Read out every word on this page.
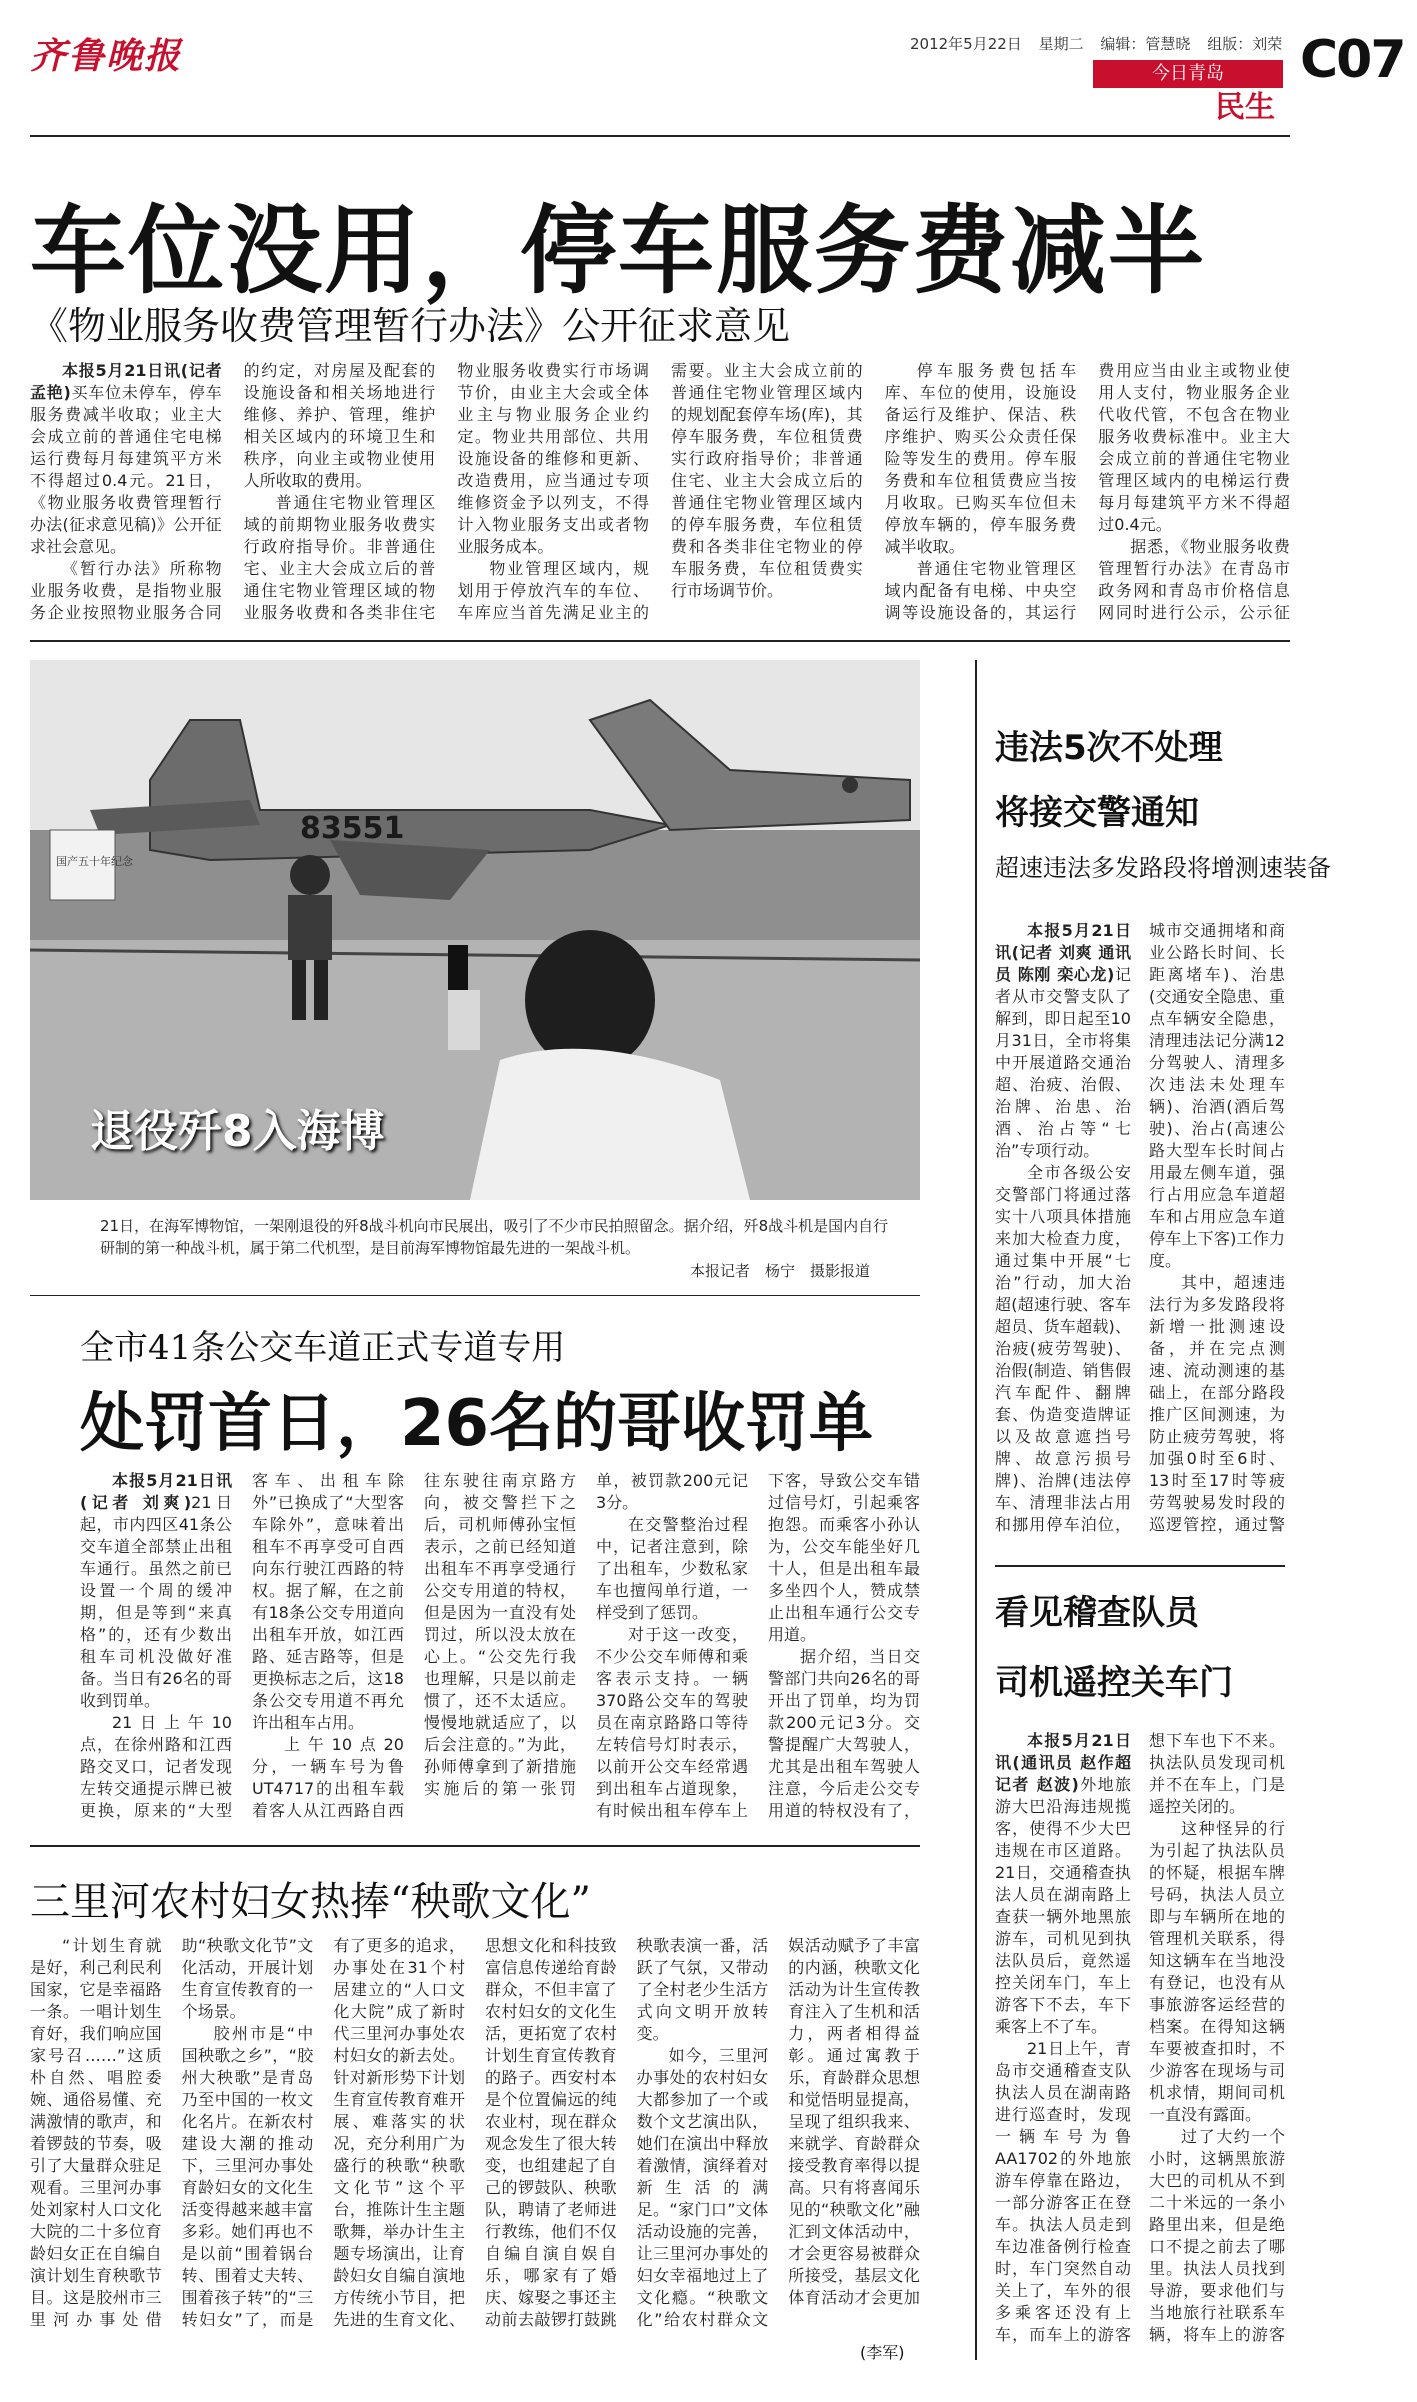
齐鲁晚报	2012年5月22日 星期二 编辑：管慧晓 组版：刘荣
今日青岛
民生
C07
车位没用，停车服务费减半
《物业服务收费管理暂行办法》公开征求意见

本报5月21日讯(记者 孟艳)买车位未停车，停车服务费减半收取；业主大会成立前的普通住宅电梯运行费每月每建筑平方米不得超过0.4元。21日，《物业服务收费管理暂行办法(征求意见稿)》公开征求社会意见。

《暂行办法》所称物业服务收费，是指物业服务企业按照物业服务合同的约定，对房屋及配套的设施设备和相关场地进行维修、养护、管理，维护相关区域内的环境卫生和秩序，向业主或物业使用人所收取的费用。

普通住宅物业管理区域的前期物业服务收费实行政府指导价。非普通住宅、业主大会成立后的普通住宅物业管理区域的物业服务收费和各类非住宅物业服务收费实行市场调节价，由业主大会或全体业主与物业服务企业约定。物业共用部位、共用设施设备的维修和更新、改造费用，应当通过专项维修资金予以列支，不得计入物业服务支出或者物业服务成本。

物业管理区域内，规划用于停放汽车的车位、车库应当首先满足业主的需要。业主大会成立前的普通住宅物业管理区域内的规划配套停车场(库)，其停车服务费，车位租赁费实行政府指导价；非普通住宅、业主大会成立后的普通住宅物业管理区域内的停车服务费，车位租赁费和各类非住宅物业的停车服务费，车位租赁费实行市场调节价。

停车服务费包括车库、车位的使用，设施设备运行及维护、保洁、秩序维护、购买公众责任保险等发生的费用。停车服务费和车位租赁费应当按月收取。已购买车位但未停放车辆的，停车服务费减半收取。

普通住宅物业管理区域内配备有电梯、中央空调等设施设备的，其运行费用应当由业主或物业使用人支付，物业服务企业代收代管，不包含在物业服务收费标准中。业主大会成立前的普通住宅物业管理区域内的电梯运行费每月每建筑平方米不得超过0.4元。

据悉，《物业服务收费管理暂行办法》在青岛市政务网和青岛市价格信息网同时进行公示，公示征

83551
国产五十年纪念
退役歼8入海博
21日，在海军博物馆，一架刚退役的歼8战斗机向市民展出，吸引了不少市民拍照留念。据介绍，歼8战斗机是国内自行研制的第一种战斗机，属于第二代机型，是目前海军博物馆最先进的一架战斗机。
本报记者　杨宁　摄影报道
全市41条公交车道正式专道专用
处罚首日，26名的哥收罚单

本报5月21日讯(记者 刘爽)21日起，市内四区41条公交车道全部禁止出租车通行。虽然之前已设置一个周的缓冲期，但是等到“来真格”的，还有少数出租车司机没做好准备。当日有26名的哥收到罚单。

21日上午10点，在徐州路和江西路交叉口，记者发现左转交通提示牌已被更换，原来的“大型客车、出租车除外”已换成了“大型客车除外”，意味着出租车不再享受可自西向东行驶江西路的特权。据了解，在之前有18条公交专用道向出租车开放，如江西路、延吉路等，但是更换标志之后，这18条公交专用道不再允许出租车占用。

上午10点20分，一辆车号为鲁UT4717的出租车载着客人从江西路自西往东驶往南京路方向，被交警拦下之后，司机师傅孙宝恒表示，之前已经知道出租车不再享受通行公交专用道的特权，但是因为一直没有处罚过，所以没太放在心上。“公交先行我也理解，只是以前走惯了，还不太适应。慢慢地就适应了，以后会注意的。”为此，孙师傅拿到了新措施实施后的第一张罚单，被罚款200元记3分。

在交警整治过程中，记者注意到，除了出租车，少数私家车也擅闯单行道，一样受到了惩罚。

对于这一改变，不少公交车师傅和乘客表示支持。一辆370路公交车的驾驶员在南京路路口等待左转信号灯时表示，以前开公交车经常遇到出租车占道现象，有时候出租车停车上下客，导致公交车错过信号灯，引起乘客抱怨。而乘客小孙认为，公交车能坐好几十人，但是出租车最多坐四个人，赞成禁止出租车通行公交专用道。

据介绍，当日交警部门共向26名的哥开出了罚单，均为罚款200元记3分。交警提醒广大驾驶人，尤其是出租车驾驶人注意，今后走公交专用道的特权没有了，

三里河农村妇女热捧“秧歌文化”

“计划生育就是好，利己利民利国家，它是幸福路一条。一唱计划生育好，我们响应国家号召……”这质朴自然、唱腔委婉、通俗易懂、充满激情的歌声，和着锣鼓的节奏，吸引了大量群众驻足观看。三里河办事处刘家村人口文化大院的二十多位育龄妇女正在自编自演计划生育秧歌节目。这是胶州市三里河办事处借助“秧歌文化节”文化活动，开展计划生育宣传教育的一个场景。

胶州市是“中国秧歌之乡”，“胶州大秧歌”是青岛乃至中国的一枚文化名片。在新农村建设大潮的推动下，三里河办事处育龄妇女的文化生活变得越来越丰富多彩。她们再也不是以前“围着锅台转、围着丈夫转、围着孩子转”的“三转妇女”了，而是有了更多的追求，办事处在31个村居建立的“人口文化大院”成了新时代三里河办事处农村妇女的新去处。针对新形势下计划生育宣传教育难开展、难落实的状况，充分利用广为盛行的秧歌“秧歌文化节”这个平台，推陈计生主题歌舞，举办计生主题专场演出，让育龄妇女自编自演地方传统小节目，把先进的生育文化、思想文化和科技致富信息传递给育龄群众，不但丰富了农村妇女的文化生活，更拓宽了农村计划生育宣传教育的路子。西安村本是个位置偏远的纯农业村，现在群众观念发生了很大转变，也组建起了自己的锣鼓队、秧歌队，聘请了老师进行教练，他们不仅自编自演自娱自乐，哪家有了婚庆、嫁娶之事还主动前去敲锣打鼓跳秧歌表演一番，活跃了气氛，又带动了全村老少生活方式向文明开放转变。

如今，三里河办事处的农村妇女大都参加了一个或数个文艺演出队，她们在演出中释放着激情，演绎着对新生活的满足。“家门口”文体活动设施的完善，让三里河办事处的妇女幸福地过上了文化瘾。“秧歌文化”给农村群众文娱活动赋予了丰富的内涵，秧歌文化活动为计生宣传教育注入了生机和活力，两者相得益彰。通过寓教于乐，育龄群众思想和觉悟明显提高，呈现了组织我来、来就学、育龄群众接受教育率得以提高。只有将喜闻乐见的“秧歌文化”融汇到文体活动中，才会更容易被群众所接受，基层文化体育活动才会更加

(李军)
违法5次不处理
将接交警通知
超速违法多发路段将增测速装备

本报5月21日讯(记者 刘爽 通讯员 陈刚 栾心龙)记者从市交警支队了解到，即日起至10月31日，全市将集中开展道路交通治超、治疲、治假、治牌、治患、治酒、治占等“七治”专项行动。

全市各级公安交警部门将通过落实十八项具体措施来加大检查力度，通过集中开展“七治”行动，加大治超(超速行驶、客车超员、货车超载)、治疲(疲劳驾驶)、治假(制造、销售假汽车配件、翻牌套、伪造变造牌证以及故意遮挡号牌、故意污损号牌)、治牌(违法停车、清理非法占用和挪用停车泊位，城市交通拥堵和商业公路长时间、长距离堵车)、治患(交通安全隐患、重点车辆安全隐患，清理违法记分满12分驾驶人、清理多次违法未处理车辆)、治酒(酒后驾驶)、治占(高速公路大型车长时间占用最左侧车道，强行占用应急车道超车和占用应急车道停车上下客)工作力度。

其中，超速违法行为多发路段将新增一批测速设备，并在完点测速、流动测速的基础上，在部分路段推广区间测速，为防止疲劳驾驶，将加强0时至6时、13时至17时等疲劳驾驶易发时段的巡逻管控，通过警

看见稽查队员
司机遥控关车门

本报5月21日讯(通讯员 赵作超 记者 赵波)外地旅游大巴沿海违规揽客，使得不少大巴违规在市区道路。21日，交通稽查执法人员在湖南路上查获一辆外地黑旅游车，司机见到执法队员后，竟然遥控关闭车门，车上游客下不去，车下乘客上不了车。

21日上午，青岛市交通稽查支队执法人员在湖南路进行巡查时，发现一辆车号为鲁AA1702的外地旅游车停靠在路边，一部分游客正在登车。执法人员走到车边准备例行检查时，车门突然自动关上了，车外的很多乘客还没有上车，而车上的游客想下车也下不来。执法队员发现司机并不在车上，门是遥控关闭的。

这种怪异的行为引起了执法队员的怀疑，根据车牌号码，执法人员立即与车辆所在地的管理机关联系，得知这辆车在当地没有登记，也没有从事旅游客运经营的档案。在得知这辆车要被查扣时，不少游客在现场与司机求情，期间司机一直没有露面。

过了大约一个小时，这辆黑旅游大巴的司机从不到二十米远的一条小路里出来，但是绝口不提之前去了哪里。执法人员找到导游，要求他们与当地旅行社联系车辆，将车上的游客
